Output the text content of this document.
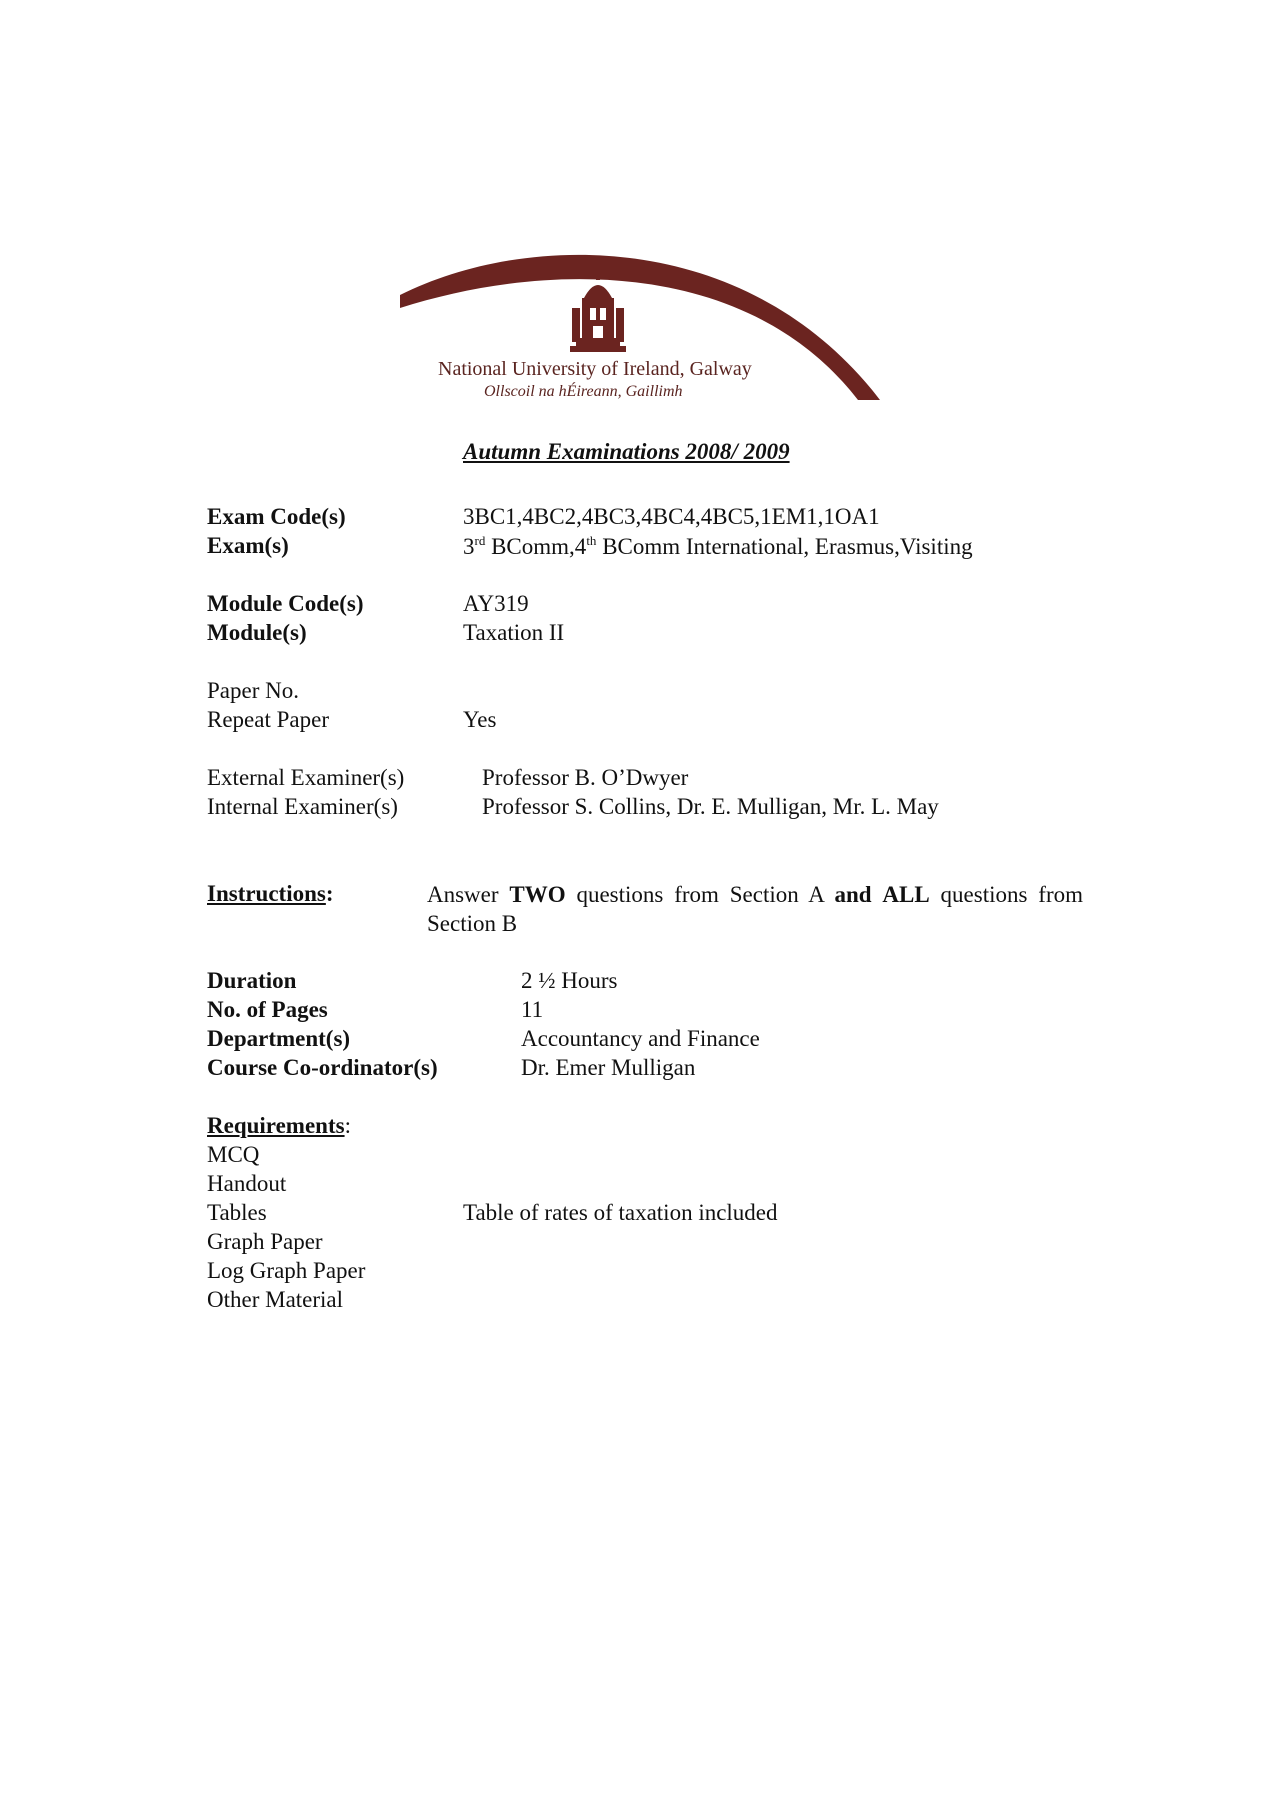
National University of Ireland, Galway
Ollscoil na hÉireann, Gaillimh
Autumn Examinations 2008/ 2009
Exam Code(s)	3BC1,4BC2,4BC3,4BC4,4BC5,1EM1,1OA1
Exam(s)	3rd BComm,4th BComm International, Erasmus,Visiting
Module Code(s)	AY319
Module(s)	Taxation II
Paper No.
Repeat Paper	Yes
External Examiner(s)	Professor B. O’Dwyer
Internal Examiner(s)	Professor S. Collins, Dr. E. Mulligan, Mr. L. May
Instructions:	Answer TWO questions from Section A and ALL questions from Section B
Duration	2 ½ Hours
No. of Pages	11
Department(s)	Accountancy and Finance
Course Co-ordinator(s)	Dr. Emer Mulligan
Requirements:
MCQ
Handout
Tables	Table of rates of taxation included
Graph Paper
Log Graph Paper
Other Material
